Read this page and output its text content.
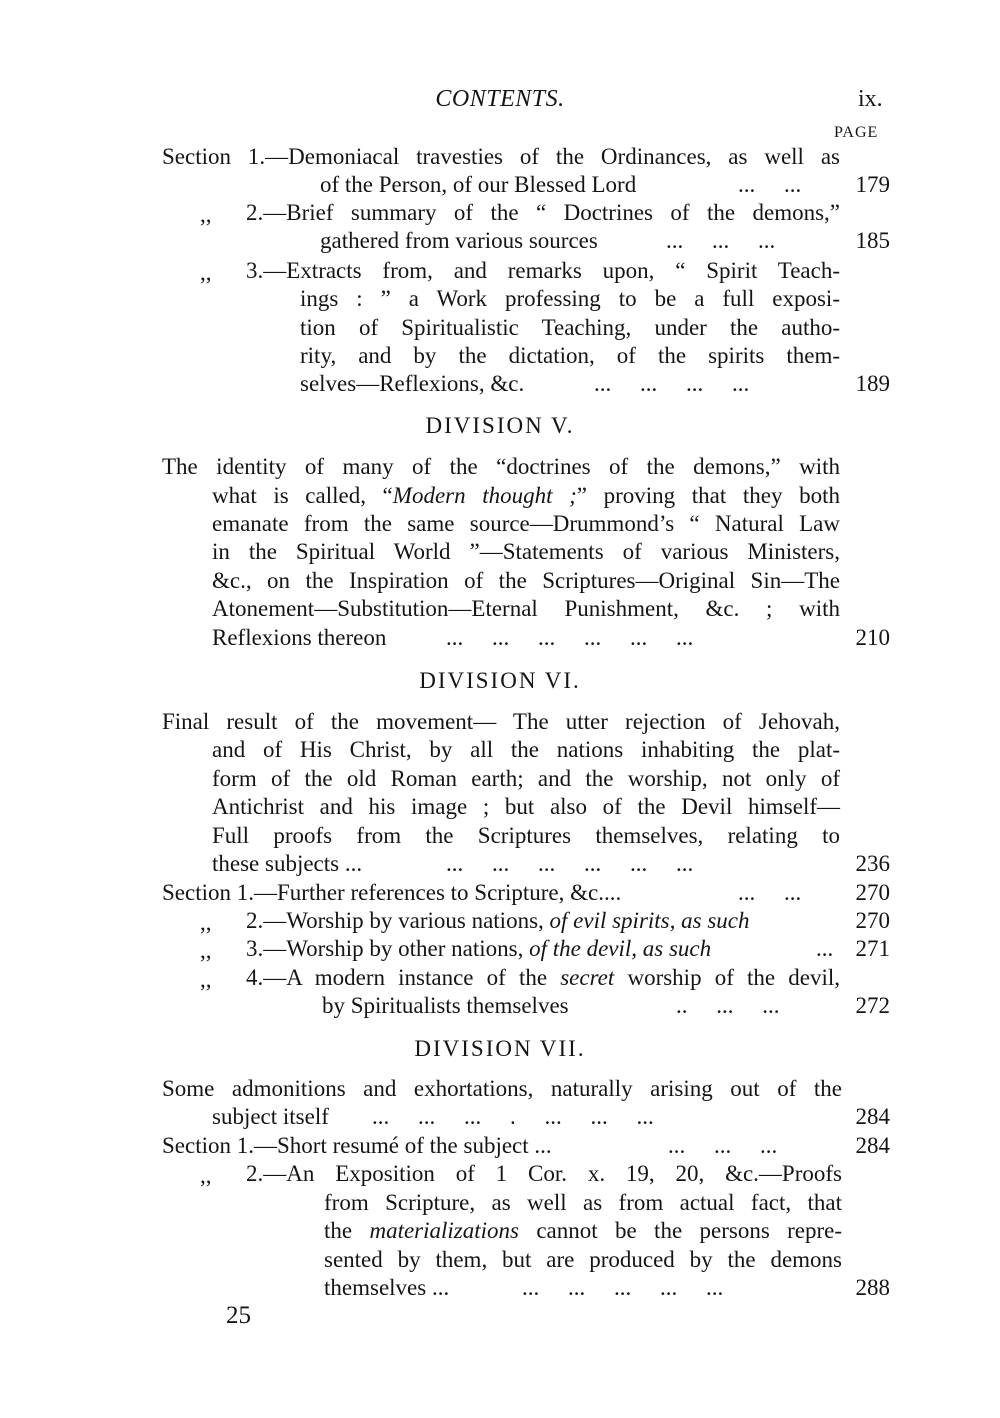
CONTENTS.	ix.
PAGE
Section 1.—Demoniacal travesties of the Ordinances, as well as
of the Person, of our Blessed Lord	...     ... 179
,,	2.—Brief summary of the “ Doctrines of the demons,”
gathered from various sources	...     ...     ...	185
,,	3.—Extracts from, and remarks upon, “ Spirit Teach-
ings : ” a Work professing to be a full exposi-
tion of Spiritualistic Teaching, under the autho-
rity, and by the dictation, of the spirits them-
selves—Reflexions, &c.	...     ...     ...     ...	189
DIVISION V.
The identity of many of the “doctrines of the demons,” with
what is called, “Modern thought ;” proving that they both
emanate from the same source—Drummond’s “ Natural Law
in the Spiritual World ”—Statements of various Ministers,
&c., on the Inspiration of the Scriptures—Original Sin—The
Atonement—Substitution—Eternal Punishment, &c. ; with
Reflexions thereon	...     ...     ...     ...     ...     ...	210
DIVISION VI.
Final result of the movement— The utter rejection of Jehovah,
and of His Christ, by all the nations inhabiting the plat-
form of the old Roman earth; and the worship, not only of
Antichrist and his image ; but also of the Devil himself—
Full proofs from the Scriptures themselves, relating to
these subjects ...	...     ...     ...     ...     ...     ...	236
Section 1.—Further references to Scripture, &c....	...     ... 270
,,	2.—Worship by various nations, of evil spirits, as such	270
,,	3.—Worship by other nations, of the devil, as such	... 271
,,	4.—A modern instance of the secret worship of the devil,
by Spiritualists themselves	..     ...     ...	272
DIVISION VII.
Some admonitions and exhortations, naturally arising out of the
subject itself ...     ...     ...     .     ...     ...     ...	284
Section 1.—Short resumé of the subject ...	...     ...     ...	284
,,	2.—An Exposition of 1 Cor. x. 19, 20, &c.—Proofs
from Scripture, as well as from actual fact, that
the materializations cannot be the persons repre-
sented by them, but are produced by the demons
themselves ...	...     ...     ...     ...     ...	288
25
